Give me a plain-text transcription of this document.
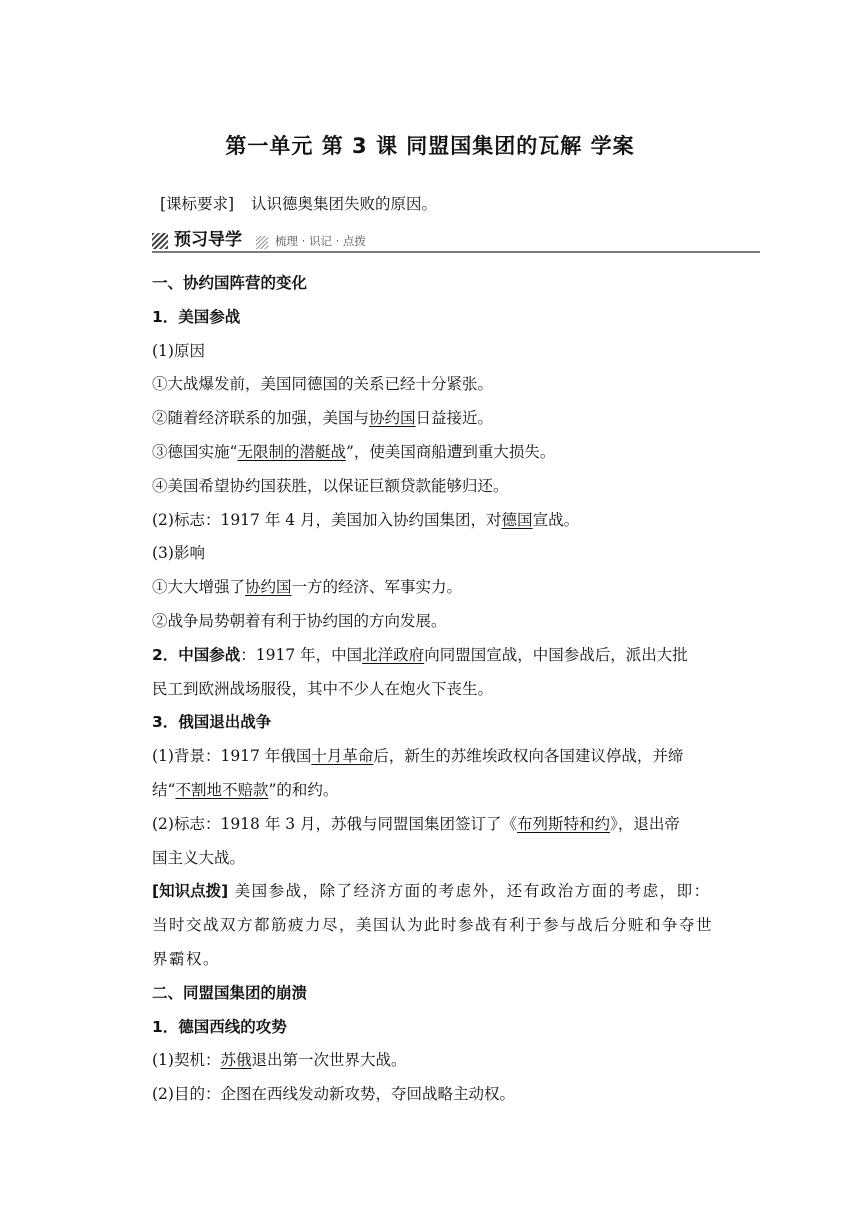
第一单元 第 3 课 同盟国集团的瓦解 学案
[课标要求] 认识德奥集团失败的原因。
预习导学	梳理 · 识记 · 点拨
一、协约国阵营的变化
1．美国参战
(1)原因
①大战爆发前，美国同德国的关系已经十分紧张。
②随着经济联系的加强，美国与协约国日益接近。
③德国实施“无限制的潜艇战”，使美国商船遭到重大损失。
④美国希望协约国获胜，以保证巨额贷款能够归还。
(2)标志：1917 年 4 月，美国加入协约国集团，对德国宣战。
(3)影响
①大大增强了协约国一方的经济、军事实力。
②战争局势朝着有利于协约国的方向发展。
2．中国参战：1917 年，中国北洋政府向同盟国宣战，中国参战后，派出大批
民工到欧洲战场服役，其中不少人在炮火下丧生。
3．俄国退出战争
(1)背景：1917 年俄国十月革命后，新生的苏维埃政权向各国建议停战，并缔
结“不割地不赔款”的和约。
(2)标志：1918 年 3 月，苏俄与同盟国集团签订了《布列斯特和约》，退出帝
国主义大战。
[知识点拨] 美国参战，除了经济方面的考虑外，还有政治方面的考虑，即：
当时交战双方都筋疲力尽，美国认为此时参战有利于参与战后分赃和争夺世
界霸权。
二、同盟国集团的崩溃
1．德国西线的攻势
(1)契机：苏俄退出第一次世界大战。
(2)目的：企图在西线发动新攻势，夺回战略主动权。
